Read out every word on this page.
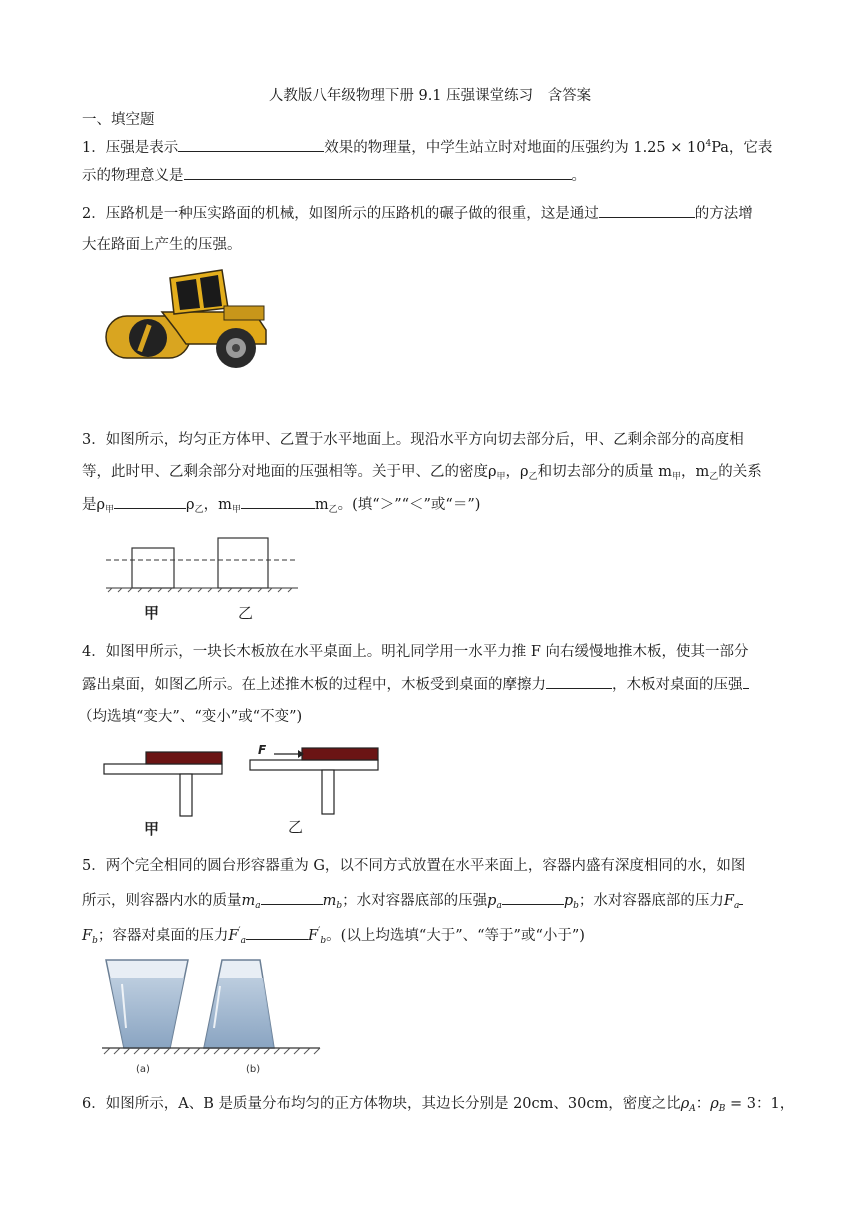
人教版八年级物理下册 9.1 压强课堂练习　含答案
一、填空题
1．压强是表示	效果的物理量，中学生站立时对地面的压强约为 $1.25 \times 10^4Pa$，它表
示的物理意义是	。
2．压路机是一种压实路面的机械，如图所示的压路机的碾子做的很重，这是通过	的方法增
大在路面上产生的压强。
3．如图所示，均匀正方体甲、乙置于水平地面上。现沿水平方向切去部分后，甲、乙剩余部分的高度相
等，此时甲、乙剩余部分对地面的压强相等。关于甲、乙的密度$\rho_甲$，$\rho_乙$和切去部分的质量 $m_甲$，$m_乙$的关系
是$\rho_甲$	$\rho_乙$，$m_甲$	$m_乙$。(填“＞”“＜”或“＝”)
甲	乙
4．如图甲所示，一块长木板放在水平桌面上。明礼同学用一水平力推 F 向右缓慢地推木板，使其一部分
露出桌面，如图乙所示。在上述推木板的过程中，木板受到桌面的摩擦力	，木板对桌面的压强
（均选填“变大”、“变小”或“不变”)
甲
F
乙
5．两个完全相同的圆台形容器重为 G，以不同方式放置在水平来面上，容器内盛有深度相同的水，如图
所示，则容器内水的质量$m_a$	$m_b$；水对容器底部的压强$p_a$	$p_b$；水对容器底部的压力$F_a$
$F_b$；容器对桌面的压力$F'_a$	$F'_b$。(以上均选填“大于”、“等于”或“小于”)
(a)	(b)
6．如图所示，A、B 是质量分布均匀的正方体物块，其边长分别是 20cm、30cm，密度之比$\rho_A$：$\rho_B = 3$：1，
